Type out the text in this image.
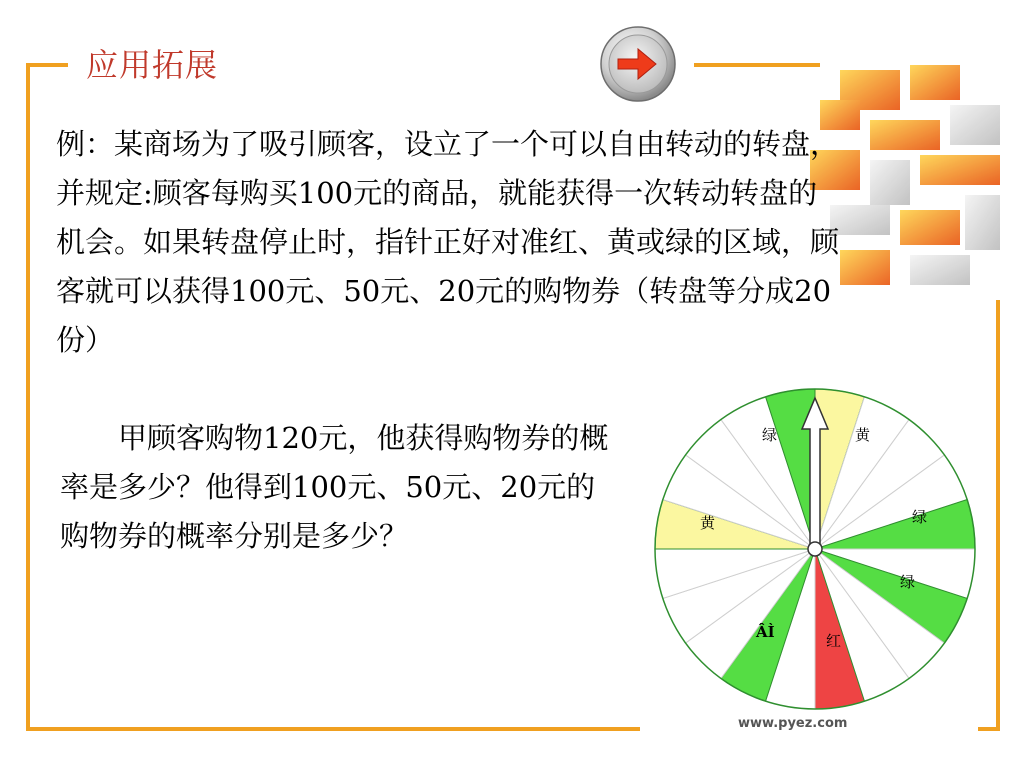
应用拓展

例：某商场为了吸引顾客，设立了一个可以自由转动的转盘，并规定:顾客每购买100元的商品，就能获得一次转动转盘的机会。如果转盘停止时，指针正好对准红、黄或绿的区域，顾客就可以获得100元、50元、20元的购物券（转盘等分成20份）

甲顾客购物120元，他获得购物券的概率是多少？他得到100元、50元、20元的购物券的概率分别是多少？

绿	黄
黄	绿
绿
ÂÌ	红
www.pyez.com
